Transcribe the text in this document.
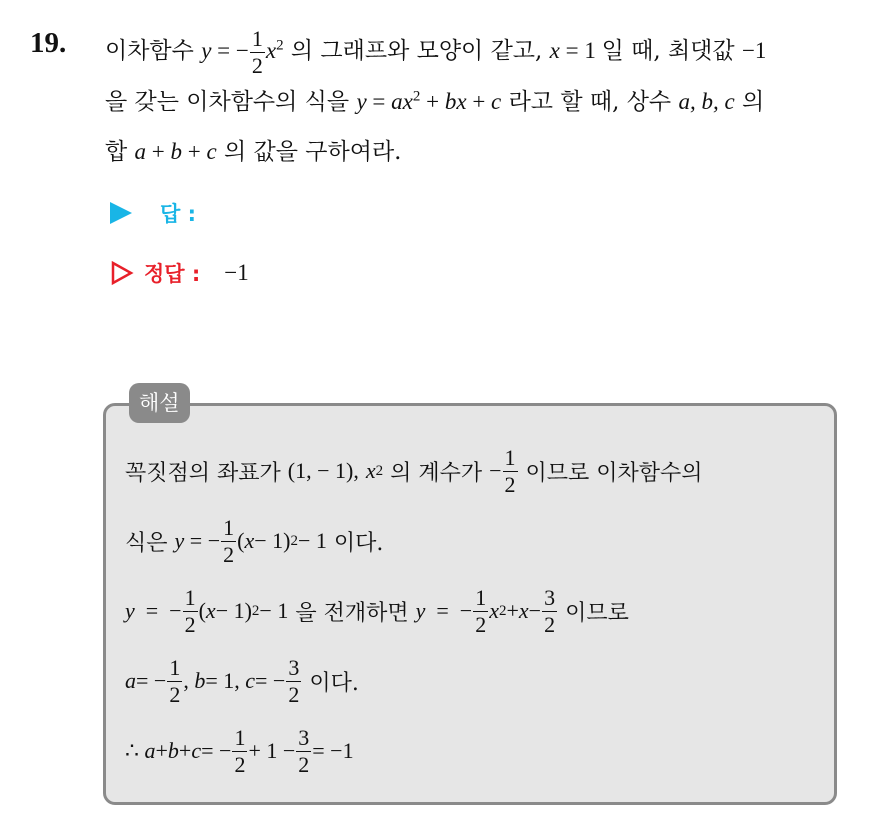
19. 이차함수 y = − $\frac{1}{2} x^2$ 의 그래프와 모양이 같고, x = 1 일 때, 최댓값 −1
을 갖는 이차함수의 식을 $y = ax^2$ + bx + c 라고 할 때, 상수 a, b, c 의
합 a + b + c 의 값을 구하여라.
답 :
정답 : −1
해설
꼭짓점의 좌표가
(1, − 1),
x 2
의 계수가
− $\frac{1}{2}$
이므로 이차함수의
식은
y = − $\frac{1}{2}$ ( x − 1) 2 − 1
이다.
y =  − $\frac{1}{2}$ ( x − 1) 2 − 1
을 전개하면
y =  − $\frac{1}{2}$ x $2 + x - \frac{3}{2}$
이므로
a = − $\frac{1}{2}$ , b = 1, c = − $\frac{3}{2}$
이다.
∴ a + b + c = − $\frac{1}{2} + 1 - \frac{3}{2} = -1$
